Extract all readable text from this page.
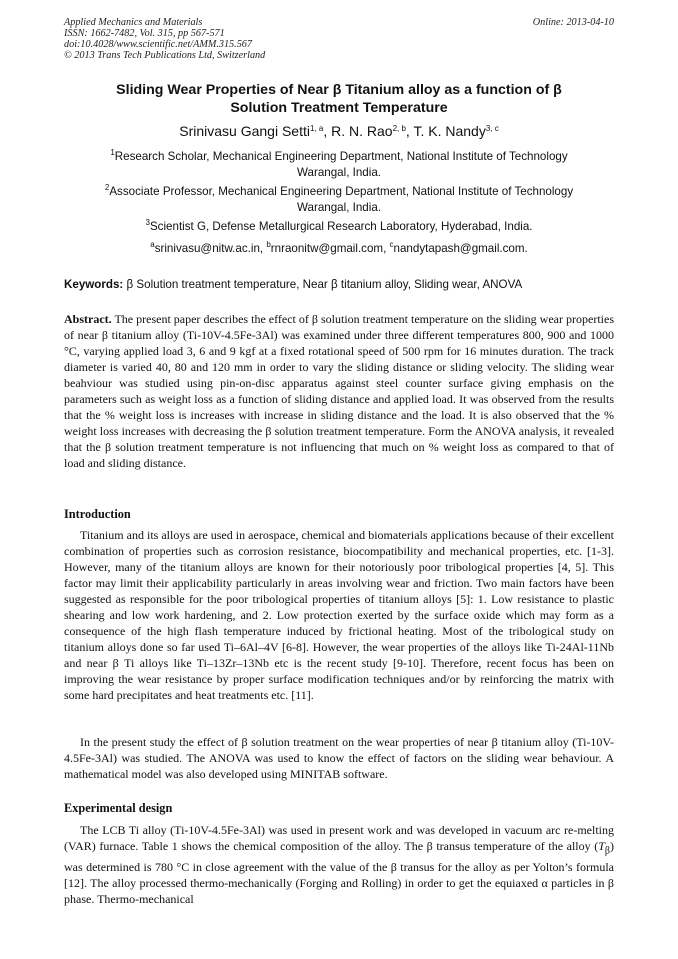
Applied Mechanics and Materials
ISSN: 1662-7482, Vol. 315, pp 567-571
doi:10.4028/www.scientific.net/AMM.315.567
© 2013 Trans Tech Publications Ltd, Switzerland
Online: 2013-04-10
Sliding Wear Properties of Near β Titanium alloy as a function of β
Solution Treatment Temperature
Srinivasu Gangi Setti$^{1, a}$, R. N. Rao$^{2, b}$, T. K. Nandy$^{3, c}$
$^1$Research Scholar, Mechanical Engineering Department, National Institute of Technology
Warangal, India.
$^2$Associate Professor, Mechanical Engineering Department, National Institute of Technology
Warangal, India.
$^3$Scientist G, Defense Metallurgical Research Laboratory, Hyderabad, India.
$^a$srinivasu@nitw.ac.in, $^b$rnraonitw@gmail.com, $^c$nandytapash@gmail.com.
Keywords: β Solution treatment temperature, Near β titanium alloy, Sliding wear, ANOVA

Abstract. The present paper describes the effect of β solution treatment temperature on the sliding wear properties of near β titanium alloy (Ti-10V-4.5Fe-3Al) was examined under three different temperatures 800, 900 and 1000 °C, varying applied load 3, 6 and 9 kgf at a fixed rotational speed of 500 rpm for 16 minutes duration. The track diameter is varied 40, 80 and 120 mm in order to vary the sliding distance or sliding velocity. The sliding wear beahviour was studied using pin-on-disc apparatus against steel counter surface giving emphasis on the parameters such as weight loss as a function of sliding distance and applied load. It was observed from the results that the % weight loss is increases with increase in sliding distance and the load. It is also observed that the % weight loss increases with decreasing the β solution treatment temperature. Form the ANOVA analysis, it revealed that the β solution treatment temperature is not influencing that much on % weight loss as compared to that of load and sliding distance.

Introduction

Titanium and its alloys are used in aerospace, chemical and biomaterials applications because of their excellent combination of properties such as corrosion resistance, biocompatibility and mechanical properties, etc. [1-3]. However, many of the titanium alloys are known for their notoriously poor tribological properties [4, 5]. This factor may limit their applicability particularly in areas involving wear and friction. Two main factors have been suggested as responsible for the poor tribological properties of titanium alloys [5]: 1. Low resistance to plastic shearing and low work hardening, and 2. Low protection exerted by the surface oxide which may form as a consequence of the high flash temperature induced by frictional heating. Most of the tribological study on titanium alloys done so far used Ti–6Al–4V [6-8]. However, the wear properties of the alloys like Ti-24Al-11Nb and near β Ti alloys like Ti–13Zr–13Nb etc is the recent study [9-10]. Therefore, recent focus has been on improving the wear resistance by proper surface modification techniques and/or by reinforcing the matrix with some hard precipitates and heat treatments etc. [11].

In the present study the effect of β solution treatment on the wear properties of near β titanium alloy (Ti-10V-4.5Fe-3Al) was studied. The ANOVA was used to know the effect of factors on the sliding wear behaviour. A mathematical model was also developed using MINITAB software.

Experimental design

The LCB Ti alloy (Ti-10V-4.5Fe-3Al) was used in present work and was developed in vacuum arc re-melting (VAR) furnace. Table 1 shows the chemical composition of the alloy. The β transus temperature of the alloy $(T_\beta)$ was determined is 780 °C in close agreement with the value of the β transus for the alloy as per Yolton’s formula [12]. The alloy processed thermo-mechanically (Forging and Rolling) in order to get the equiaxed α particles in β phase. Thermo-mechanical
